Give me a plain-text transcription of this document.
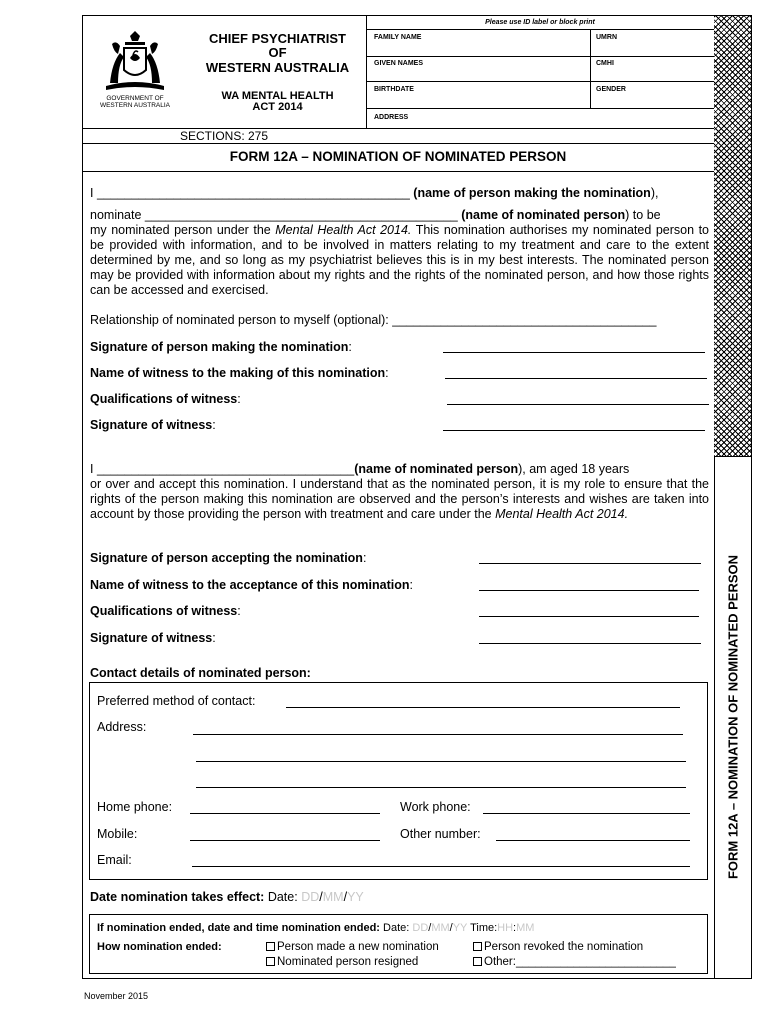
GOVERNMENT OF
WESTERN AUSTRALIA
CHIEF PSYCHIATRIST
OF
WESTERN AUSTRALIA
WA MENTAL HEALTH
ACT 2014
SECTIONS: 275
Please use ID label or block print
FAMILY NAME	UMRN
GIVEN NAMES	CMHI
BIRTHDATE	GENDER
ADDRESS
FORM 12A – NOMINATION OF NOMINATED PERSON
FORM 12A – NOMINATION OF NOMINATED PERSON
I _____________________________________________ (name of person making the nomination),
nominate _____________________________________________ (name of nominated person) to be
my nominated person under the Mental Health Act 2014. This nomination authorises my nominated person to be provided with information, and to be involved in matters relating to my treatment and care to the extent determined by me, and so long as my psychiatrist believes this is in my best interests. The nominated person may be provided with information about my rights and the rights of the nominated person, and how those rights can be accessed and exercised.
Relationship of nominated person to myself (optional): ______________________________________
Signature of person making the nomination:
Name of witness to the making of this nomination:
Qualifications of witness:
Signature of witness:
I _____________________________________(name of nominated person), am aged 18 years
or over and accept this nomination. I understand that as the nominated person, it is my role to ensure that the rights of the person making this nomination are observed and the person’s interests and wishes are taken into account by those providing the person with treatment and care under the Mental Health Act 2014.
Signature of person accepting the nomination:
Name of witness to the acceptance of this nomination:
Qualifications of witness:
Signature of witness:
Contact details of nominated person:
Preferred method of contact:
Address:
Home phone:	Work phone:
Mobile:	Other number:
Email:
Date nomination takes effect: Date: DD/MM/YY
If nomination ended, date and time nomination ended: Date: DD/MM/YY Time:HH:MM
How nomination ended:	Person made a new nomination	Person revoked the nomination
Nominated person resigned	Other:_________________________
November 2015
